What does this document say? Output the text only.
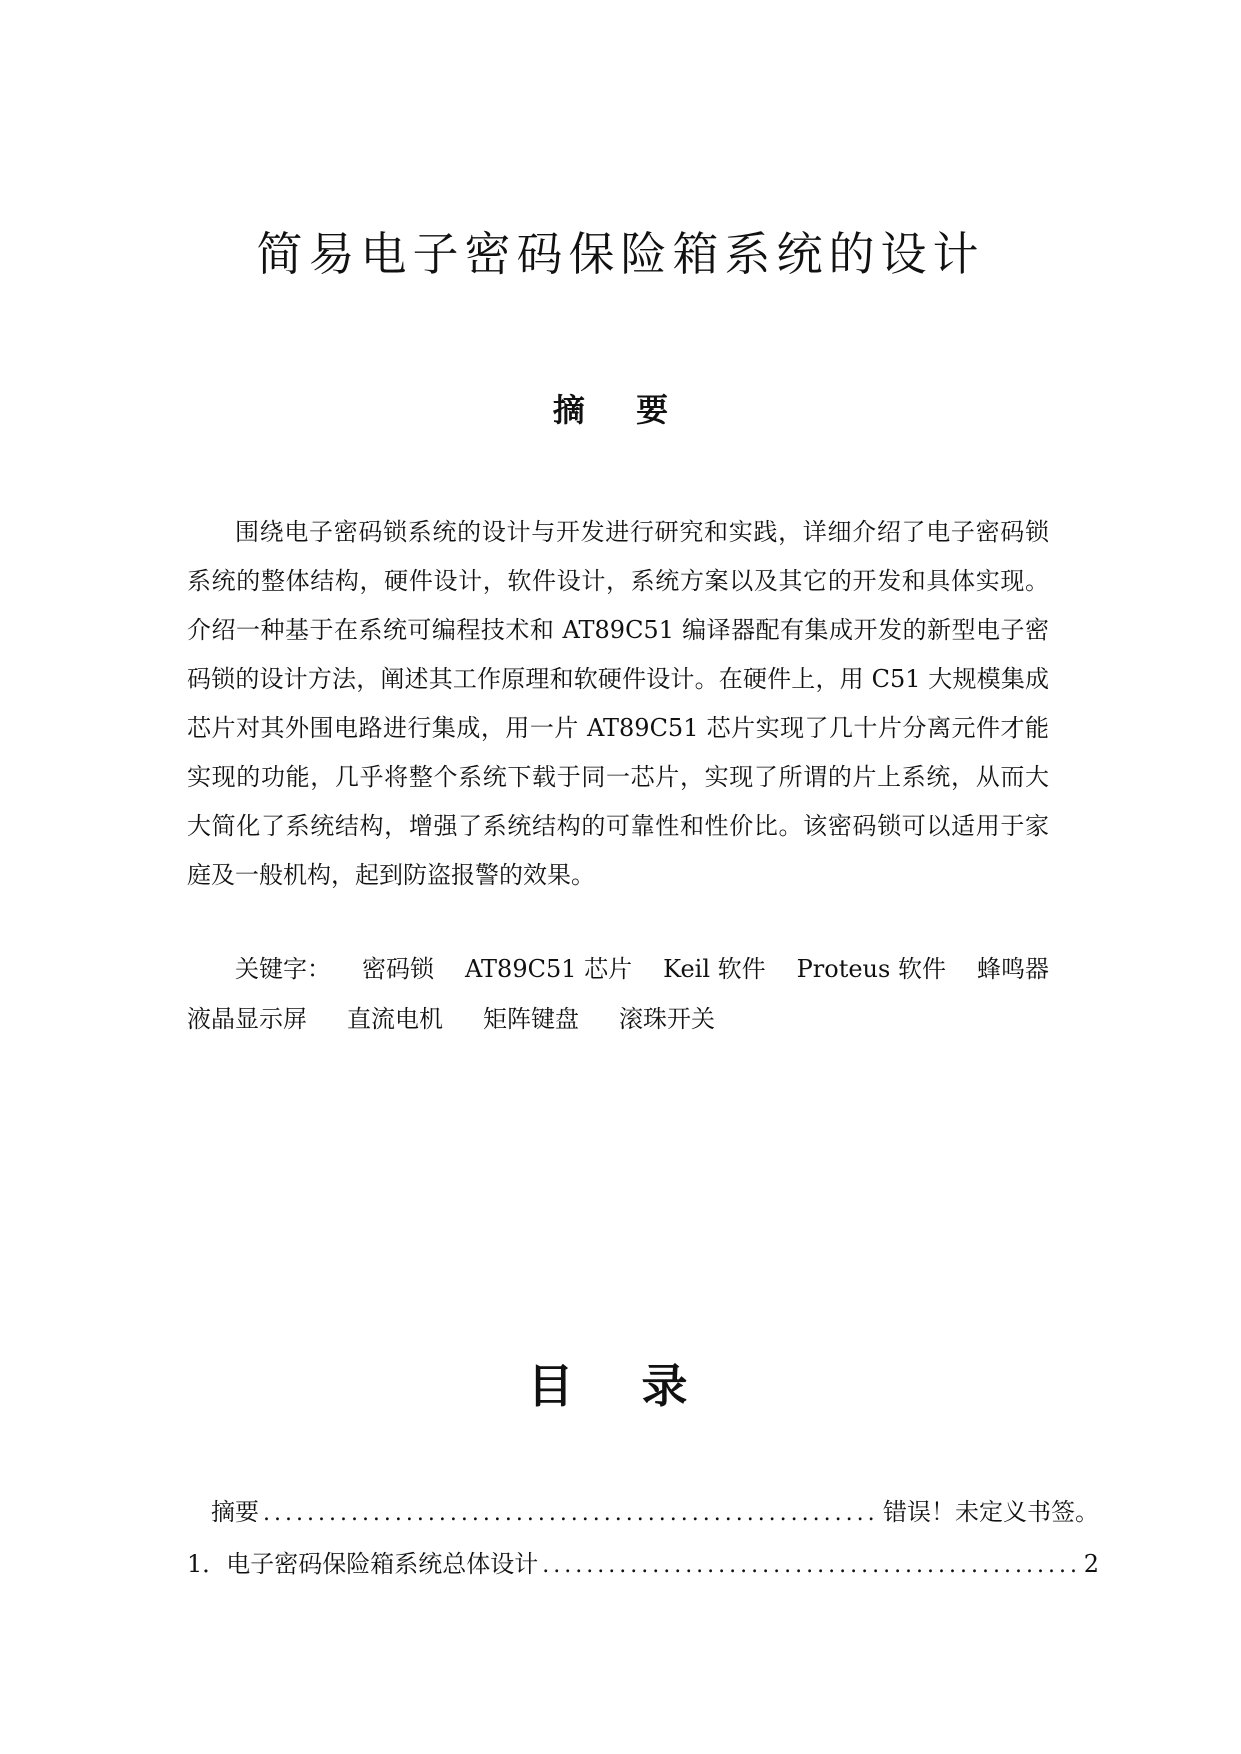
简易电子密码保险箱系统的设计
摘 要

围绕电子密码锁系统的设计与开发进行研究和实践，详细介绍了电子密码锁系统的整体结构，硬件设计，软件设计，系统方案以及其它的开发和具体实现。介绍一种基于在系统可编程技术和 AT89C51 编译器配有集成开发的新型电子密码锁的设计方法，阐述其工作原理和软硬件设计。在硬件上，用 C51 大规模集成芯片对其外围电路进行集成，用一片 AT89C51 芯片实现了几十片分离元件才能实现的功能，几乎将整个系统下载于同一芯片，实现了所谓的片上系统，从而大大简化了系统结构，增强了系统结构的可靠性和性价比。该密码锁可以适用于家庭及一般机构，起到防盗报警的效果。

关键字： 密码锁 AT89C51 芯片 Keil 软件 Proteus 软件 蜂鸣器
液晶显示屏 直流电机 矩阵键盘 滚珠开关
目 录
摘要 .....	错误！未定义书签。
1．电子密码保险箱系统总体设计 .....	2
